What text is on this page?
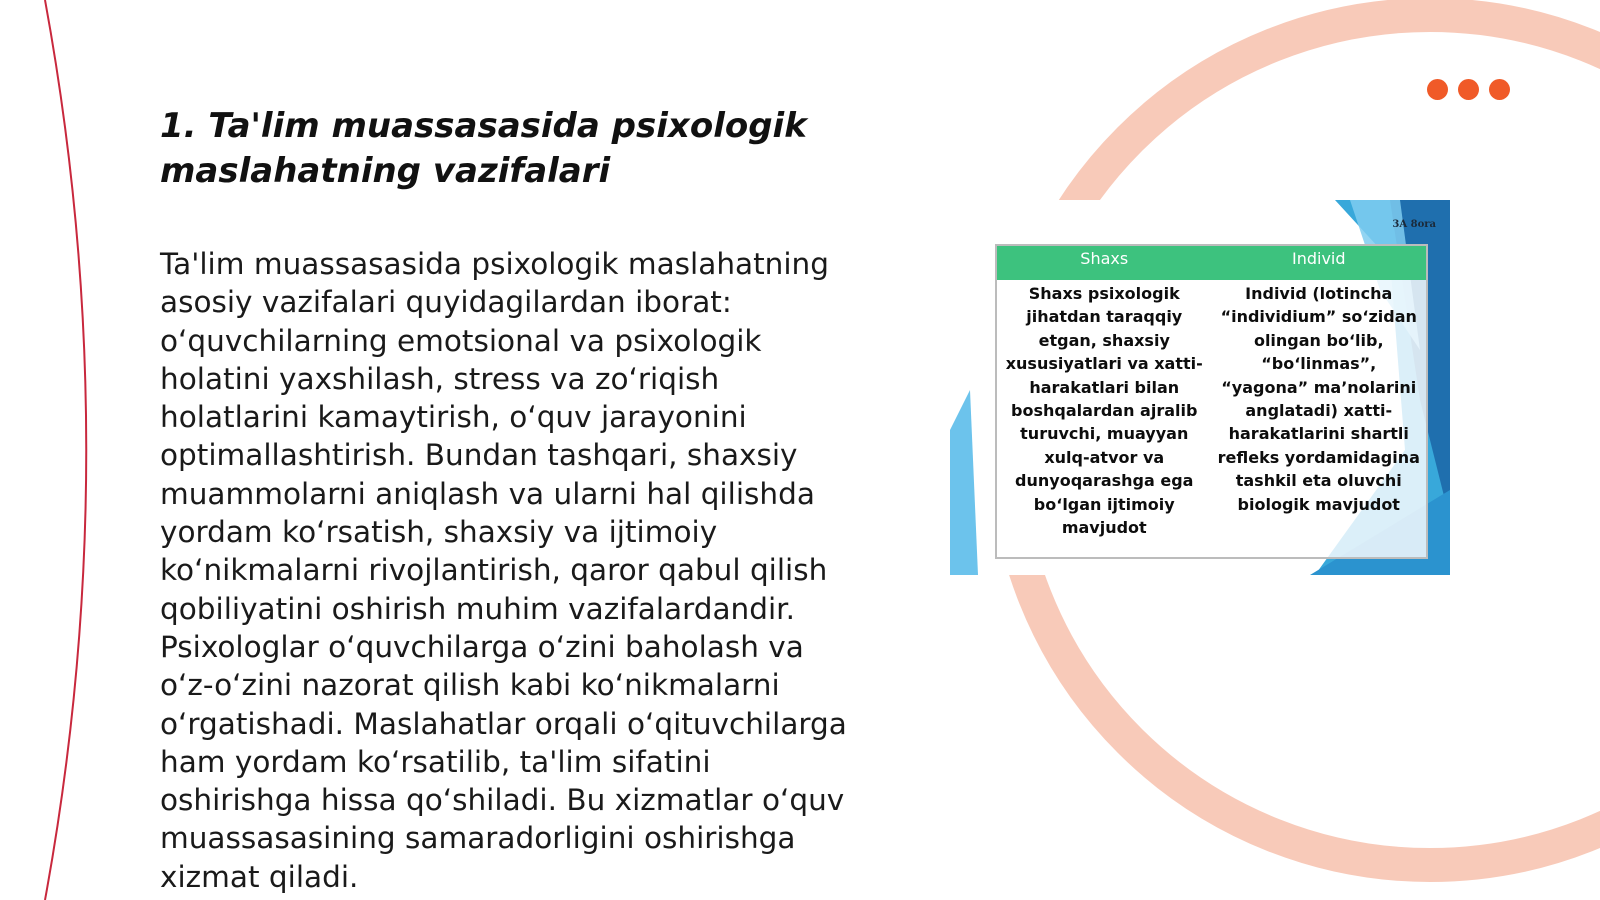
1. Ta'lim muassasasida psixologik maslahatning vazifalari

Ta'lim muassasasida psixologik maslahatning asosiy vazifalari quyidagilardan iborat: o‘quvchilarning emotsional va psixologik holatini yaxshilash, stress va zo‘riqish holatlarini kamaytirish, o‘quv jarayonini optimallashtirish. Bundan tashqari, shaxsiy muammolarni aniqlash va ularni hal qilishda yordam ko‘rsatish, shaxsiy va ijtimoiy ko‘nikmalarni rivojlantirish, qaror qabul qilish qobiliyatini oshirish muhim vazifalardandir. Psixologlar o‘quvchilarga o‘zini baholash va o‘z-o‘zini nazorat qilish kabi ko‘nikmalarni o‘rgatishadi. Maslahatlar orqali o‘qituvchilarga ham yordam ko‘rsatilib, ta'lim sifatini oshirishga hissa qo‘shiladi. Bu xizmatlar o‘quv muassasasining samaradorligini oshirishga xizmat qiladi.

3A 8ora
Shaxs	Individ
Shaxs psixologik jihatdan taraqqiy etgan, shaxsiy xususiyatlari va xatti-harakatlari bilan boshqalardan ajralib turuvchi, muayyan xulq-atvor va dunyoqarashga ega bo‘lgan ijtimoiy mavjudot
Individ (lotincha “individium” so‘zidan olingan bo‘lib, “bo‘linmas”, “yagona” ma’nolarini anglatadi) xatti-harakatlarini shartli refleks yordamidagina tashkil eta oluvchi biologik mavjudot
